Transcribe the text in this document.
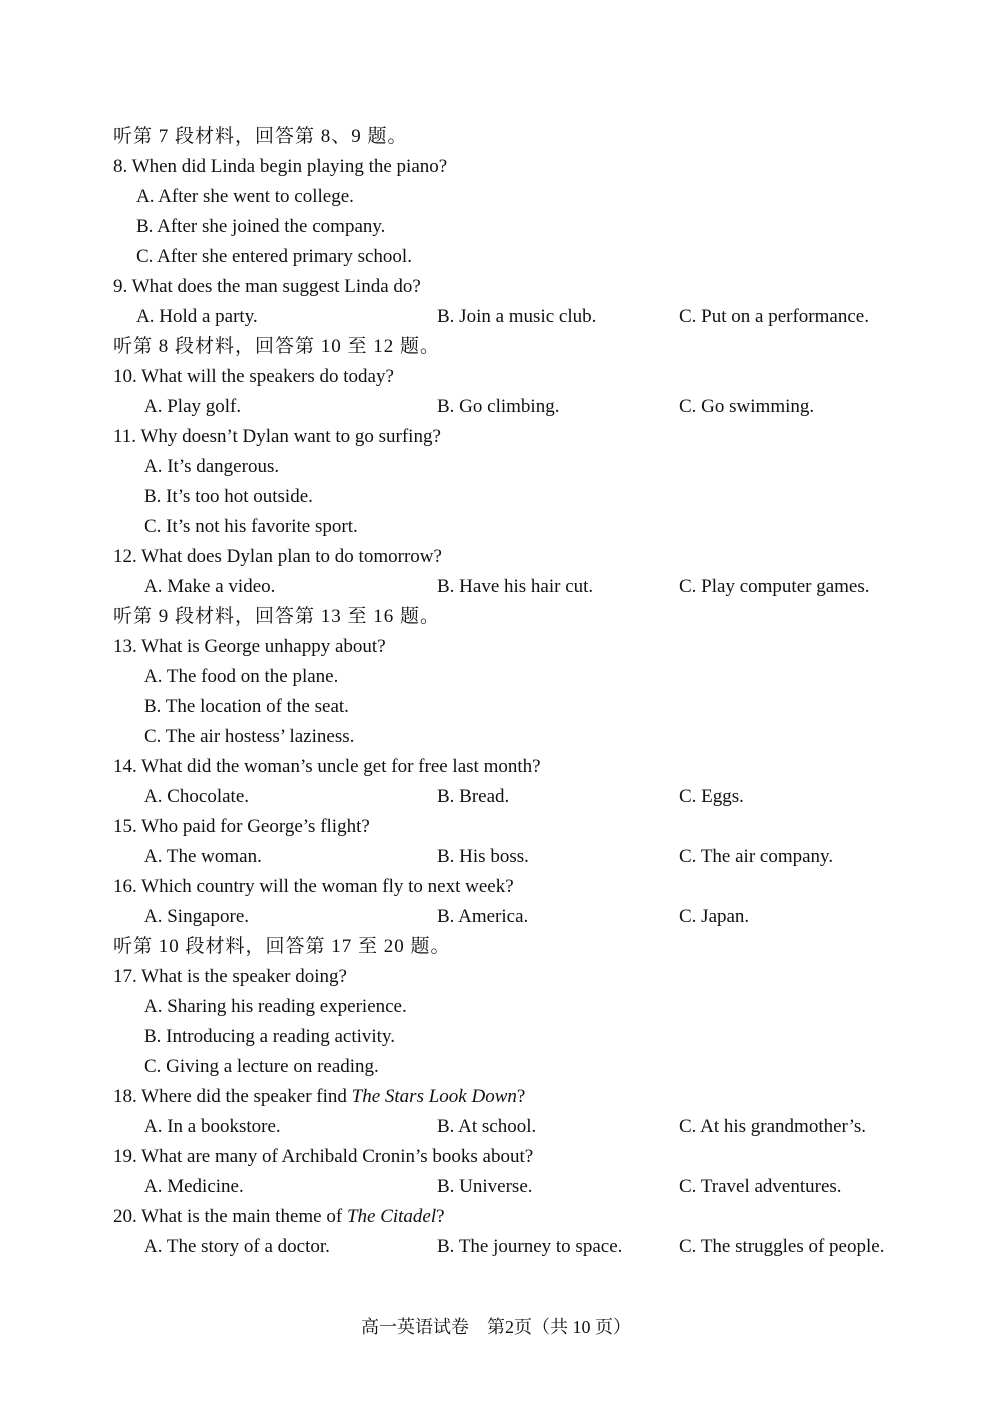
听第 7 段材料，回答第 8、9 题。
8. When did Linda begin playing the piano?
A. After she went to college.
B. After she joined the company.
C. After she entered primary school.
9. What does the man suggest Linda do?
A. Hold a party.	B. Join a music club.	C. Put on a performance.
听第 8 段材料，回答第 10 至 12 题。
10. What will the speakers do today?
A. Play golf.	B. Go climbing.	C. Go swimming.
11. Why doesn’t Dylan want to go surfing?
A. It’s dangerous.
B. It’s too hot outside.
C. It’s not his favorite sport.
12. What does Dylan plan to do tomorrow?
A. Make a video.	B. Have his hair cut.	C. Play computer games.
听第 9 段材料，回答第 13 至 16 题。
13. What is George unhappy about?
A. The food on the plane.
B. The location of the seat.
C. The air hostess’ laziness.
14. What did the woman’s uncle get for free last month?
A. Chocolate.	B. Bread.	C. Eggs.
15. Who paid for George’s flight?
A. The woman.	B. His boss.	C. The air company.
16. Which country will the woman fly to next week?
A. Singapore.	B. America.	C. Japan.
听第 10 段材料，回答第 17 至 20 题。
17. What is the speaker doing?
A. Sharing his reading experience.
B. Introducing a reading activity.
C. Giving a lecture on reading.
18. Where did the speaker find The Stars Look Down?
A. In a bookstore.	B. At school.	C. At his grandmother’s.
19. What are many of Archibald Cronin’s books about?
A. Medicine.	B. Universe.	C. Travel adventures.
20. What is the main theme of The Citadel?
A. The story of a doctor.	B. The journey to space.	C. The struggles of people.
高一英语试卷　第2页（共 10 页）
